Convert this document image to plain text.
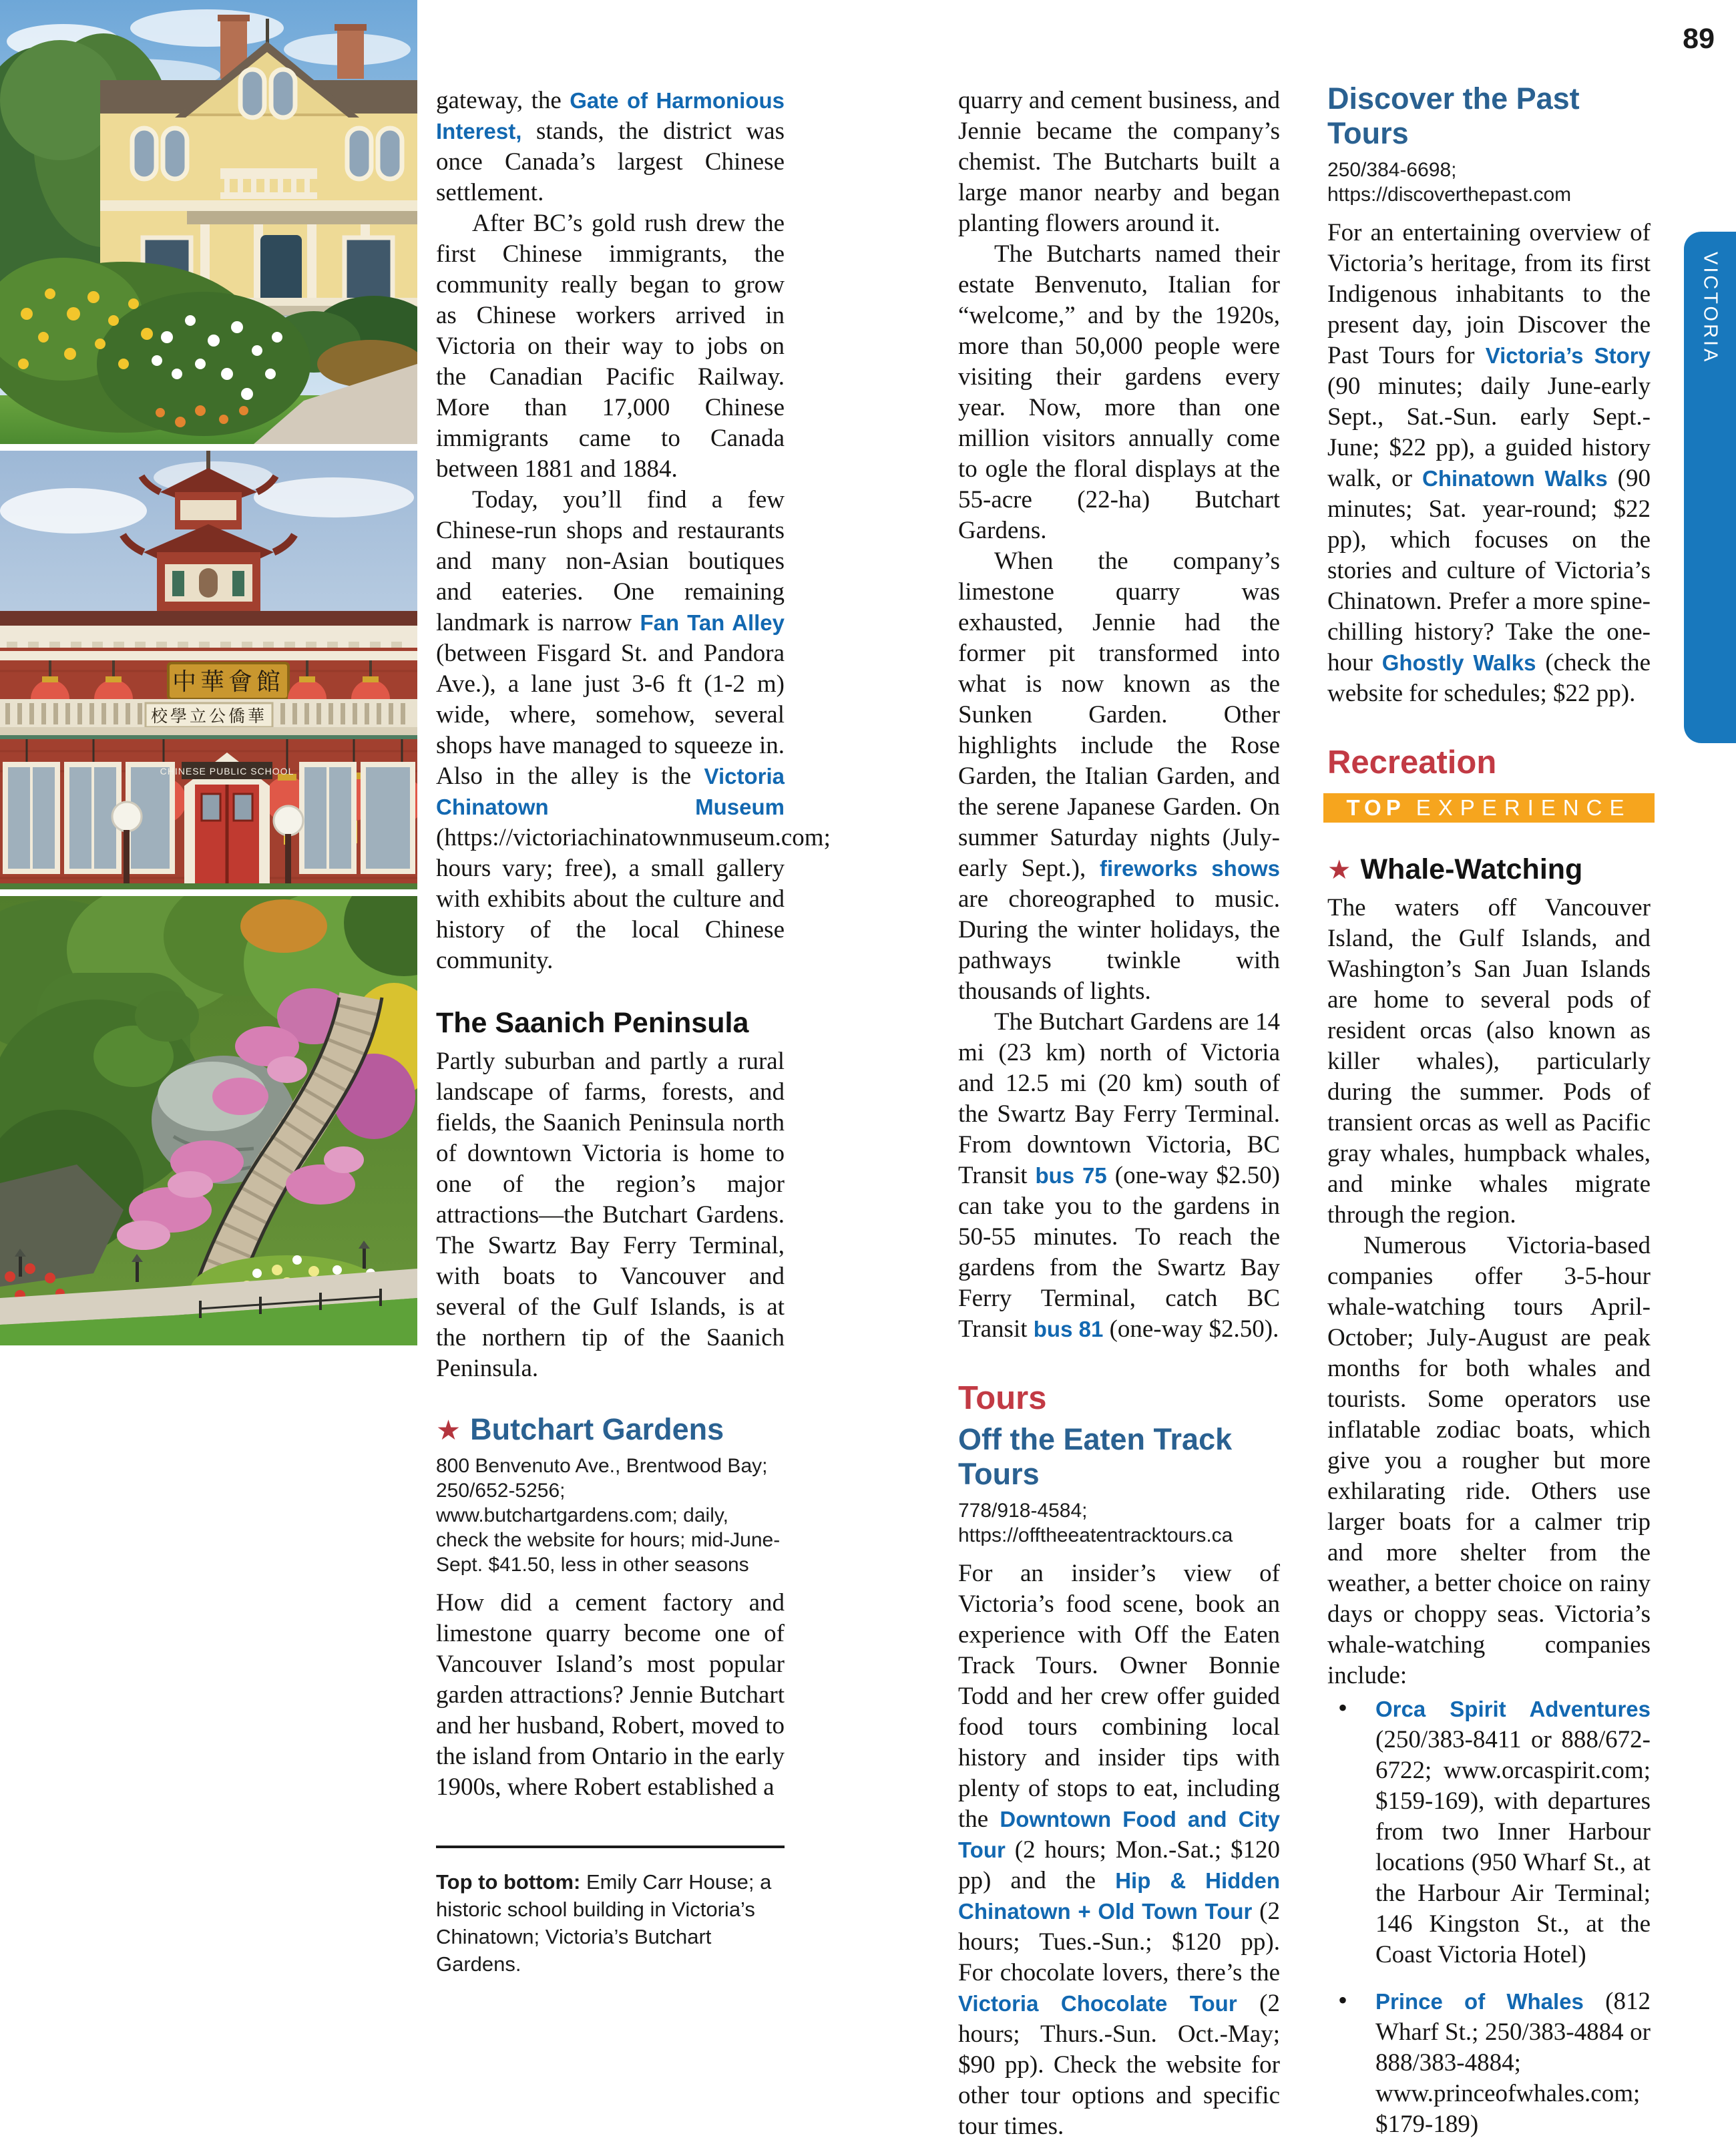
中華會館
校學立公僑華
CHINESE PUBLIC SCHOOL

gateway, the Gate of Harmonious Interest, stands, the district was once Canada’s largest Chinese settlement.

After BC’s gold rush drew the first Chinese immigrants, the community really began to grow as Chinese workers arrived in Victoria on their way to jobs on the Canadian Pacific Railway. More than 17,000 Chinese immigrants came to Canada between 1881 and 1884.

Today, you’ll find a few Chinese-run shops and restaurants and many non-Asian boutiques and eateries. One remaining landmark is narrow Fan Tan Alley (between Fisgard St. and Pandora Ave.), a lane just 3-6 ft (1-2 m) wide, where, somehow, several shops have managed to squeeze in. Also in the alley is the Victoria Chinatown Museum (https://victoriachinatownmuseum.com; hours vary; free), a small gallery with exhibits about the culture and history of the local Chinese community.

The Saanich Peninsula

Partly suburban and partly a rural landscape of farms, forests, and fields, the Saanich Peninsula north of downtown Victoria is home to one of the region’s major attractions—the Butchart Gardens. The Swartz Bay Ferry Terminal, with boats to Vancouver and several of the Gulf Islands, is at the northern tip of the Saanich Peninsula.

★ Butchart Gardens
800 Benvenuto Ave., Brentwood Bay; 250/652-5256; www.butchartgardens.com; daily, check the website for hours; mid-June-Sept. $41.50, less in other seasons

How did a cement factory and limestone quarry become one of Vancouver Island’s most popular garden attractions? Jennie Butchart and her husband, Robert, moved to the island from Ontario in the early 1900s, where Robert established a

Top to bottom: Emily Carr House; a historic school building in Victoria’s Chinatown; Victoria’s Butchart Gardens.

quarry and cement business, and Jennie became the company’s chemist. The Butcharts built a large manor nearby and began planting flowers around it.

The Butcharts named their estate Benvenuto, Italian for “welcome,” and by the 1920s, more than 50,000 people were visiting their gardens every year. Now, more than one million visitors annually come to ogle the floral displays at the 55-acre (22-ha) Butchart Gardens.

When the company’s limestone quarry was exhausted, Jennie had the former pit transformed into what is now known as the Sunken Garden. Other highlights include the Rose Garden, the Italian Garden, and the serene Japanese Garden. On summer Saturday nights (July-early Sept.), fireworks shows are choreographed to music. During the winter holidays, the pathways twinkle with thousands of lights.

The Butchart Gardens are 14 mi (23 km) north of Victoria and 12.5 mi (20 km) south of the Swartz Bay Ferry Terminal. From downtown Victoria, BC Transit bus 75 (one-way $2.50) can take you to the gardens in 50-55 minutes. To reach the gardens from the Swartz Bay Ferry Terminal, catch BC Transit bus 81 (one-way $2.50).

Tours
Off the Eaten Track Tours
778/918-4584; https://offtheeatentracktours.ca

For an insider’s view of Victoria’s food scene, book an experience with Off the Eaten Track Tours. Owner Bonnie Todd and her crew offer guided food tours combining local history and insider tips with plenty of stops to eat, including the Downtown Food and City Tour (2 hours; Mon.-Sat.; $120 pp) and the Hip & Hidden Chinatown + Old Town Tour (2 hours; Tues.-Sun.; $120 pp). For chocolate lovers, there’s the Victoria Chocolate Tour (2 hours; Thurs.-Sun. Oct.-May; $90 pp). Check the website for other tour options and specific tour times.

Discover the Past Tours
250/384-6698; https://discoverthepast.com

For an entertaining overview of Victoria’s heritage, from its first Indigenous inhabitants to the present day, join Discover the Past Tours for Victoria’s Story (90 minutes; daily June-early Sept., Sat.-Sun. early Sept.-June; $22 pp), a guided history walk, or Chinatown Walks (90 minutes; Sat. year-round; $22 pp), which focuses on the stories and culture of Victoria’s Chinatown. Prefer a more spine-chilling history? Take the one-hour Ghostly Walks (check the website for schedules; $22 pp).

Recreation
TOP EXPERIENCE
★ Whale-Watching

The waters off Vancouver Island, the Gulf Islands, and Washington’s San Juan Islands are home to several pods of resident orcas (also known as killer whales), particularly during the summer. Pods of transient orcas as well as Pacific gray whales, humpback whales, and minke whales migrate through the region.

Numerous Victoria-based companies offer 3-5-hour whale-watching tours April-October; July-August are peak months for both whales and tourists. Some operators use inflatable zodiac boats, which give you a rougher but more exhilarating ride. Others use larger boats for a calmer trip and more shelter from the weather, a better choice on rainy days or choppy seas. Victoria’s whale-watching companies include:

• Orca Spirit Adventures (250/383-8411 or 888/672-6722; www.orcaspirit.com; $159-169), with departures from two Inner Harbour locations (950 Wharf St., at the Harbour Air Terminal; 146 Kingston St., at the Coast Victoria Hotel)
• Prince of Whales (812 Wharf St.; 250/383-4884 or 888/383-4884; www.princeofwhales.com; $179-189)
89
VICTORIA
